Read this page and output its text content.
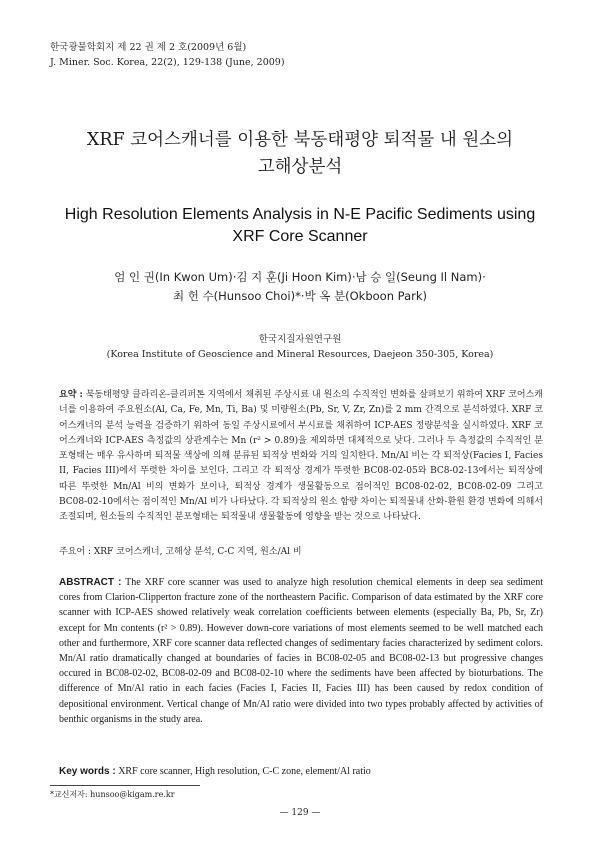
한국광물학회지 제 22 권 제 2 호(2009년 6월)
J. Miner. Soc. Korea, 22(2), 129-138 (June, 2009)
XRF 코어스캐너를 이용한 북동태평양 퇴적물 내 원소의
고해상분석
High Resolution Elements Analysis in N-E Pacific Sediments using
XRF Core Scanner
엄 인 권(In Kwon Um)·김 지 훈(Ji Hoon Kim)·남 승 일(Seung Il Nam)·
최 헌 수(Hunsoo Choi)*·박 옥 분(Okboon Park)
한국지질자원연구원
(Korea Institute of Geoscience and Mineral Resources, Daejeon 350-305, Korea)
요약 : 북동태평양 클라리온-클리퍼톤 지역에서 채취된 주상시료 내 원소의 수직적인 변화를 살펴보기 위하여 XRF 코어스캐너를 이용하여 주요원소(Al, Ca, Fe, Mn, Ti, Ba) 및 미량원소(Pb, Sr, V, Zr, Zn)를 2 mm 간격으로 분석하였다. XRF 코어스캐너의 분석 능력을 검증하기 위하여 동일 주상시료에서 부시료를 채취하여 ICP-AES 정량분석을 실시하였다. XRF 코어스캐너와 ICP-AES 측정값의 상관계수는 Mn (r² > 0.89)을 제외하면 대체적으로 낮다. 그러나 두 측정값의 수직적인 분포형태는 매우 유사하며 퇴적물 색상에 의해 분류된 퇴적상 변화와 거의 일치한다. Mn/Al 비는 각 퇴적상(Facies I, Facies II, Facies III)에서 뚜렷한 차이를 보인다. 그리고 각 퇴적상 경계가 뚜렷한 BC08-02-05와 BC8-02-13에서는 퇴적상에 따른 뚜렷한 Mn/Al 비의 변화가 보이나, 퇴적상 경계가 생물활동으로 점이적인 BC08-02-02, BC08-02-09 그리고 BC08-02-10에서는 점이적인 Mn/Al 비가 나타났다. 각 퇴적상의 원소 함량 차이는 퇴적물내 산화-환원 환경 변화에 의해서 조절되며, 원소들의 수직적인 분포형태는 퇴적물내 생물활동에 영향을 받는 것으로 나타났다.
주요어 : XRF 코어스캐너, 고해상 분석, C-C 지역, 원소/Al 비
ABSTRACT : The XRF core scanner was used to analyze high resolution chemical elements in deep sea sediment cores from Clarion-Clipperton fracture zone of the northeastern Pacific. Comparison of data estimated by the XRF core scanner with ICP-AES showed relatively weak correlation coefficients between elements (especially Ba, Pb, Sr, Zr) except for Mn contents (r² > 0.89). However down-core variations of most elements seemed to be well matched each other and furthermore, XRF core scanner data reflected changes of sedimentary facies characterized by sediment colors. Mn/Al ratio dramatically changed at boundaries of facies in BC08-02-05 and BC08-02-13 but progressive changes occured in BC08-02-02, BC08-02-09 and BC08-02-10 where the sediments have been affected by bioturbations. The difference of Mn/Al ratio in each facies (Facies I, Facies II, Facies III) has been caused by redox condition of depositional environment. Vertical change of Mn/Al ratio were divided into two types probably affected by activities of benthic organisms in the study area.
Key words : XRF core scanner, High resolution, C-C zone, element/Al ratio
*교신저자: hunsoo@kigam.re.kr
— 129 —
